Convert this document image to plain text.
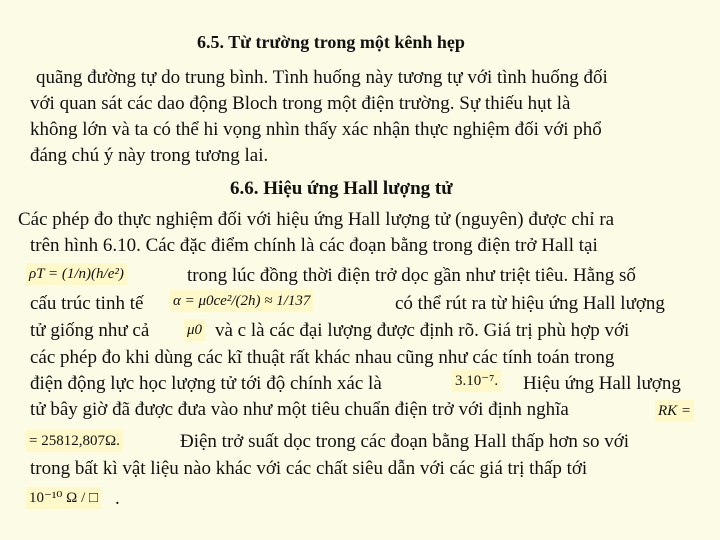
6.5. Từ trường trong một kênh hẹp
quãng đường tự do trung bình. Tình huống này tương tự với tình huống đối
với quan sát các dao động Bloch trong một điện trường. Sự thiếu hụt là
không lớn và ta có thể hi vọng nhìn thấy xác nhận thực nghiệm đối với phổ
đáng chú ý này trong tương lai.
6.6. Hiệu ứng Hall lượng tử
Các phép đo thực nghiệm đối với hiệu ứng Hall lượng tử (nguyên) được chỉ ra
trên hình 6.10. Các đặc điểm chính là các đoạn bằng trong điện trở Hall tại
ρT = (1/n)(h/e²)	trong lúc đồng thời điện trở dọc gần như triệt tiêu. Hằng số
cấu trúc tinh tế α = μ0ce²/(2h) ≈ 1/137	có thể rút ra từ hiệu ứng Hall lượng
tử giống như cả	μ0 và c là các đại lượng được định rõ. Giá trị phù hợp với
các phép đo khi dùng các kĩ thuật rất khác nhau cũng như các tính toán trong
điện động lực học lượng tử tới độ chính xác là	3.10⁻⁷. Hiệu ứng Hall lượng
tử bây giờ đã được đưa vào như một tiêu chuẩn điện trở với định nghĩa	RK =
= 25812,807Ω.	Điện trở suất dọc trong các đoạn bằng Hall thấp hơn so với
trong bất kì vật liệu nào khác với các chất siêu dẫn với các giá trị thấp tới
10⁻¹⁰ Ω / □ .
